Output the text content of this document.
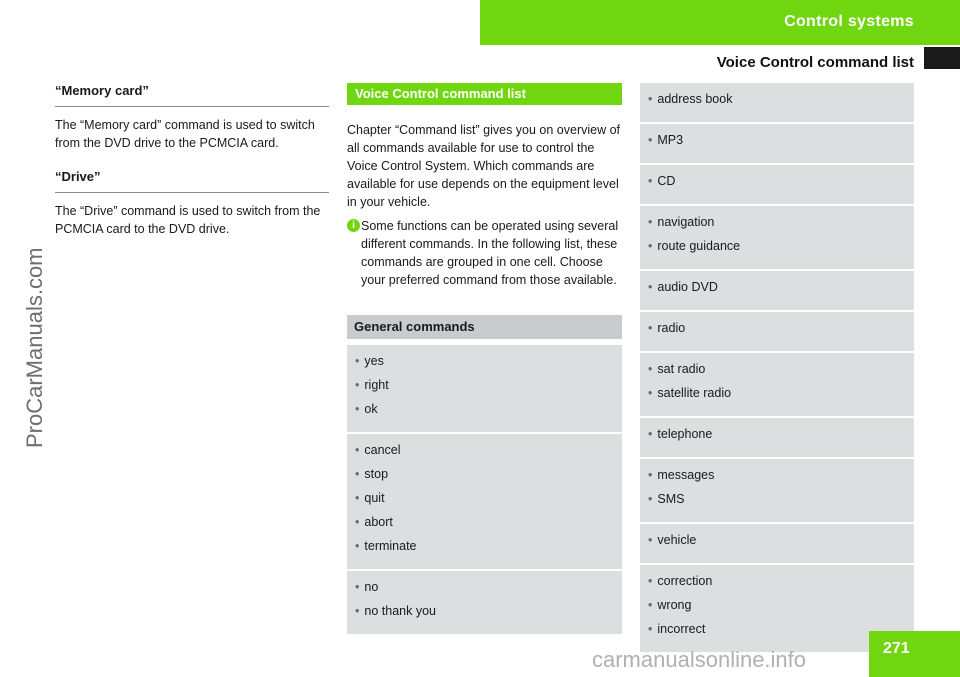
Control systems
Voice Control command list
ProCarManuals.com
“Memory card”

The “Memory card” command is used to switch from the DVD drive to the PCMCIA card.

“Drive”

The “Drive” command is used to switch from the PCMCIA card to the DVD drive.

Voice Control command list

Chapter “Command list” gives you on overview of all commands available for use to control the Voice Control System. Which commands are available for use depends on the equipment level in your vehicle.

i Some functions can be operated using several different commands. In the following list, these commands are grouped in one cell. Choose your preferred command from those available.
General commands
• yes
• right
• ok
• cancel
• stop
• quit
• abort
• terminate
• no
• no thank you
• address book
• MP3
• CD
• navigation
• route guidance
• audio DVD
• radio
• sat radio
• satellite radio
• telephone
• messages
• SMS
• vehicle
• correction
• wrong
• incorrect
271
carmanualsonline.info
